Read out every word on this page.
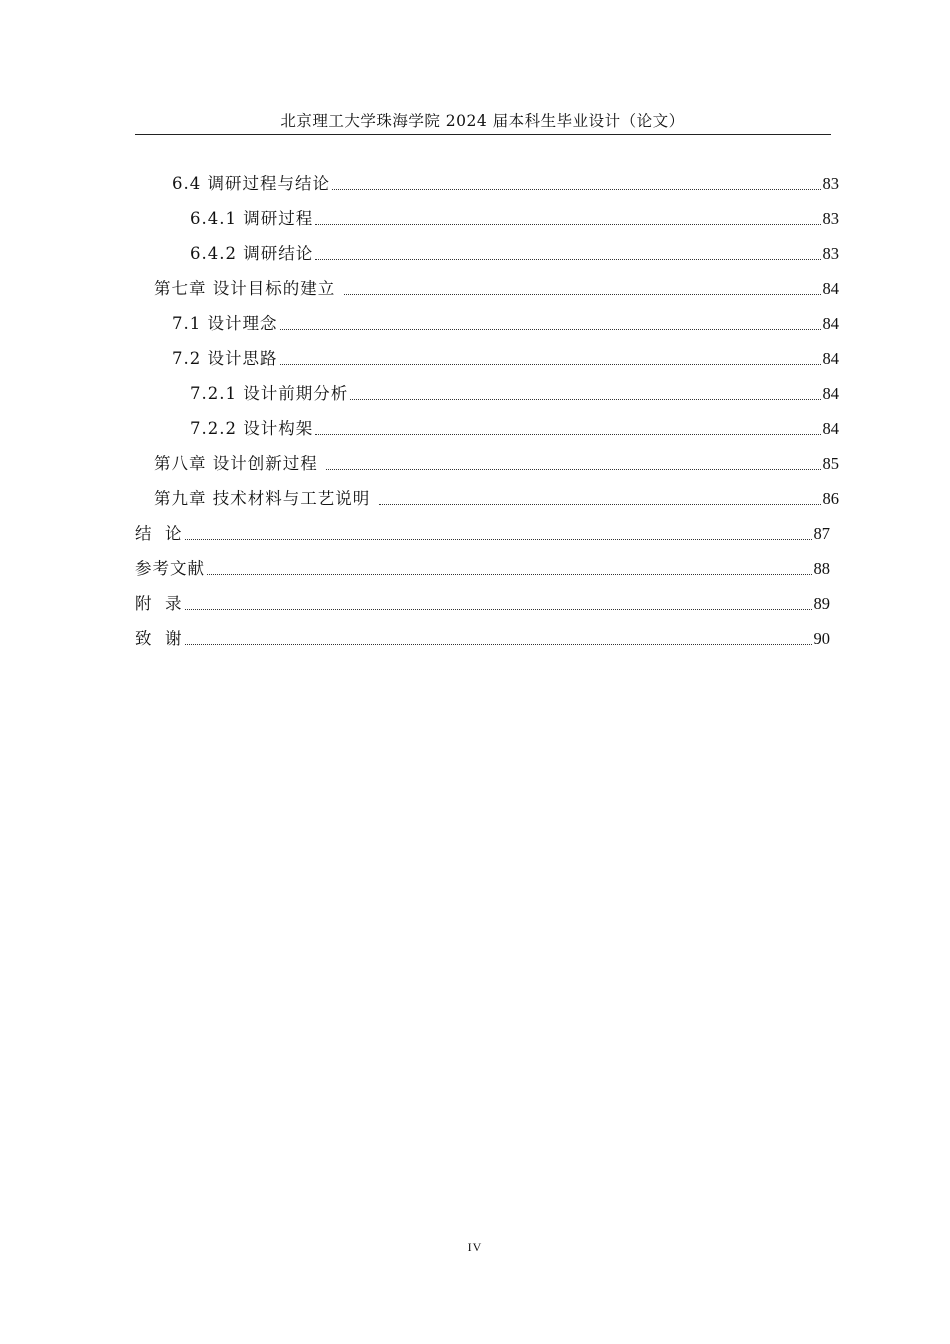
北京理工大学珠海学院 2024 届本科生毕业设计（论文）
6.4 调研过程与结论	83
6.4.1 调研过程	83
6.4.2 调研结论	83
第七章 设计目标的建立	84
7.1 设计理念	84
7.2 设计思路	84
7.2.1 设计前期分析	84
7.2.2 设计构架	84
第八章 设计创新过程	85
第九章 技术材料与工艺说明	86
结  论	87
参考文献	88
附  录	89
致  谢	90
IV
